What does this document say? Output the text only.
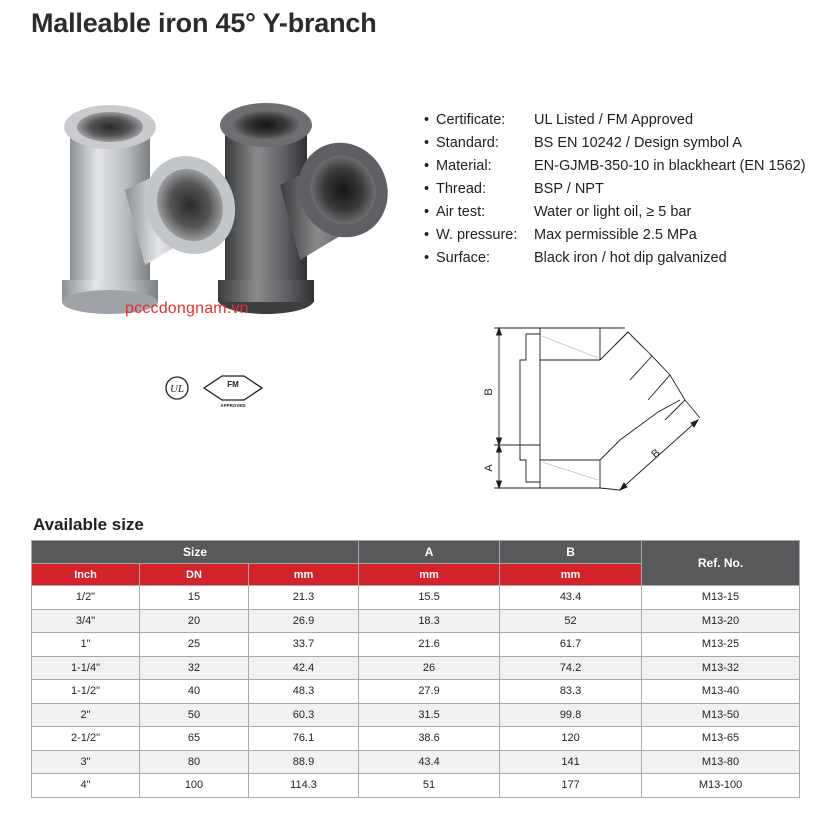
Malleable iron 45° Y-branch
pcccdongnam.vn
UL	FM
APPROVED
• Certificate:	UL Listed / FM Approved
• Standard:	BS EN 10242 / Design symbol A
• Material:	EN-GJMB-350-10 in blackheart (EN 1562)
• Thread:	BSP / NPT
• Air test:	Water or light oil, ≥ 5 bar
• W. pressure:	Max permissible 2.5 MPa
• Surface:	Black iron / hot dip galvanized
B
A
B
Available size
Size			A	B	Ref. No.
Inch	DN	mm	mm	mm	
1/2"	15	21.3	15.5	43.4	M13-15
3/4"	20	26.9	18.3	52	M13-20
1"	25	33.7	21.6	61.7	M13-25
1-1/4"	32	42.4	26	74.2	M13-32
1-1/2"	40	48.3	27.9	83.3	M13-40
2"	50	60.3	31.5	99.8	M13-50
2-1/2"	65	76.1	38.6	120	M13-65
3"	80	88.9	43.4	141	M13-80
4"	100	114.3	51	177	M13-100
